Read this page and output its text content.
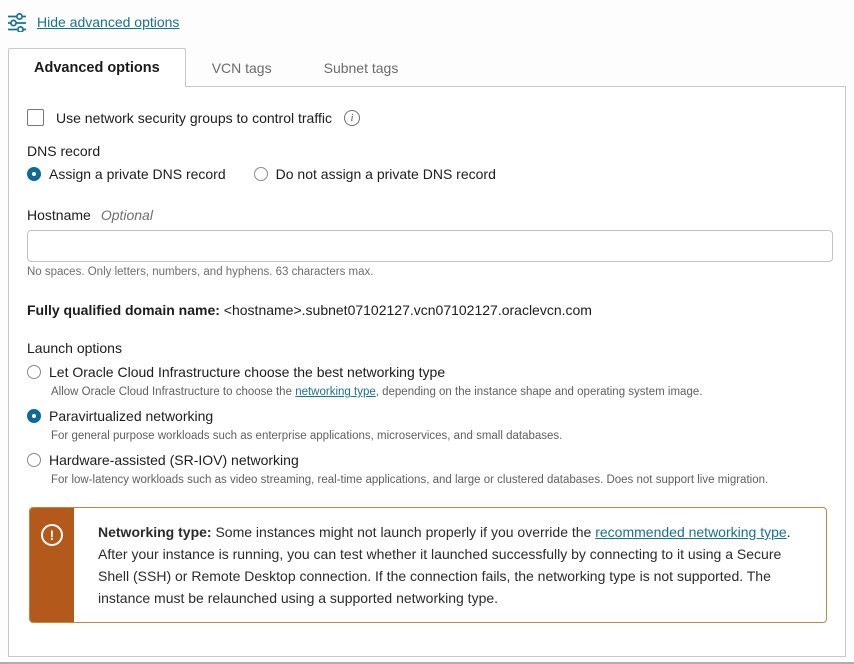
Hide advanced options
Advanced options	VCN tags	Subnet tags
Use network security groups to control traffic	i
DNS record
Assign a private DNS record	Do not assign a private DNS record
Hostname Optional
No spaces. Only letters, numbers, and hyphens. 63 characters max.
Fully qualified domain name: <hostname>.subnet07102127.vcn07102127.oraclevcn.com
Launch options
Let Oracle Cloud Infrastructure choose the best networking type
Allow Oracle Cloud Infrastructure to choose the networking type, depending on the instance shape and operating system image.
Paravirtualized networking
For general purpose workloads such as enterprise applications, microservices, and small databases.
Hardware-assisted (SR-IOV) networking
For low-latency workloads such as video streaming, real-time applications, and large or clustered databases. Does not support live migration.
!	Networking type: Some instances might not launch properly if you override the recommended networking type. After your instance is running, you can test whether it launched successfully by connecting to it using a Secure Shell (SSH) or Remote Desktop connection. If the connection fails, the networking type is not supported. The instance must be relaunched using a supported networking type.
